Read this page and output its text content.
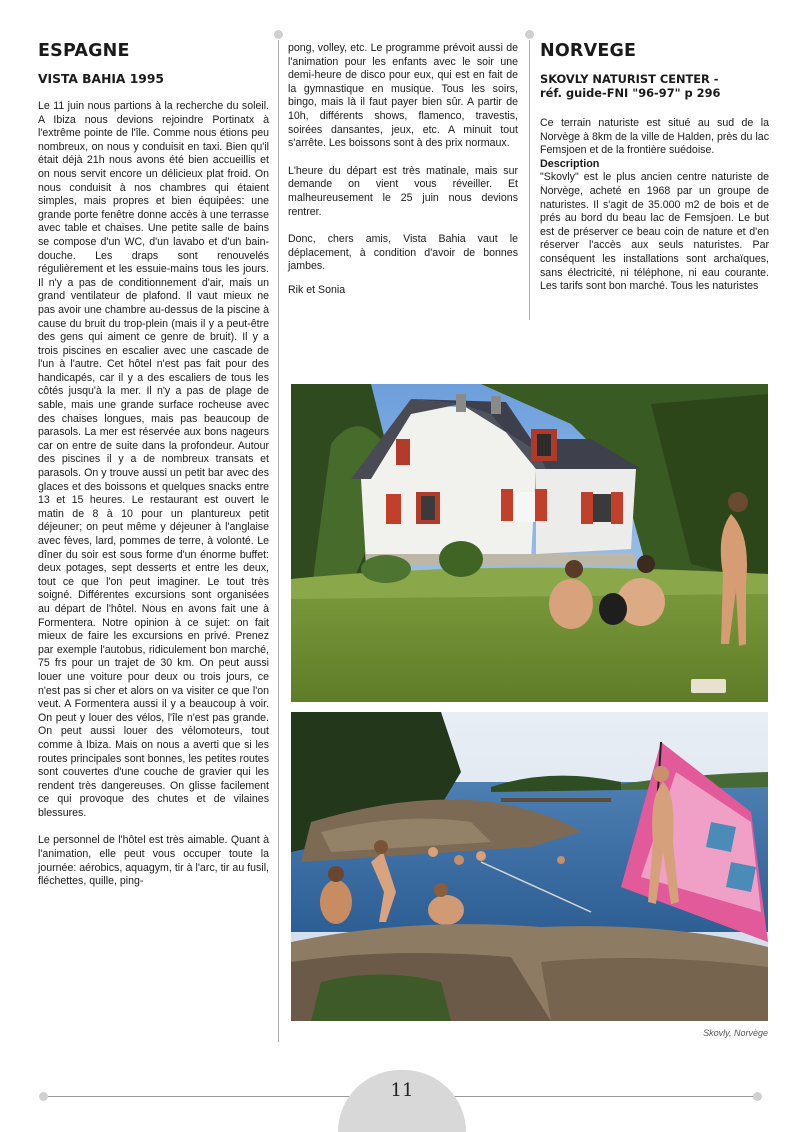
ESPAGNE
VISTA BAHIA 1995

Le 11 juin nous partions à la recherche du soleil. A Ibiza nous devions rejoindre Portinatx à l'extrême pointe de l'île. Comme nous étions peu nombreux, on nous y conduisit en taxi. Bien qu'il était déjà 21h nous avons été bien accueillis et on nous servit encore un délicieux plat froid. On nous conduisit à nos chambres qui étaient simples, mais propres et bien équipées: une grande porte fenêtre donne accès à une terrasse avec table et chaises. Une petite salle de bains se compose d'un WC, d'un lavabo et d'un bain-douche. Les draps sont renouvelés régulièrement et les essuie-mains tous les jours. Il n'y a pas de conditionnement d'air, mais un grand ventilateur de plafond. Il vaut mieux ne pas avoir une chambre au-dessus de la piscine à cause du bruit du trop-plein (mais il y a peut-être des gens qui aiment ce genre de bruit). Il y a trois piscines en escalier avec une cascade de l'un à l'autre. Cet hôtel n'est pas fait pour des handicapés, car il y a des escaliers de tous les côtés jusqu'à la mer. Il n'y a pas de plage de sable, mais une grande surface rocheuse avec des chaises longues, mais pas beaucoup de parasols. La mer est réservée aux bons nageurs car on entre de suite dans la profondeur. Autour des piscines il y a de nombreux transats et parasols. On y trouve aussi un petit bar avec des glaces et des boissons et quelques snacks entre 13 et 15 heures. Le restaurant est ouvert le matin de 8 à 10 pour un plantureux petit déjeuner; on peut même y déjeuner à l'anglaise avec fèves, lard, pommes de terre, à volonté. Le dîner du soir est sous forme d'un énorme buffet: deux potages, sept desserts et entre les deux, tout ce que l'on peut imaginer. Le tout très soigné. Différentes excursions sont organisées au départ de l'hôtel. Nous en avons fait une à Formentera. Notre opinion à ce sujet: on fait mieux de faire les excursions en privé. Prenez par exemple l'autobus, ridiculement bon marché, 75 frs pour un trajet de 30 km. On peut aussi louer une voiture pour deux ou trois jours, ce n'est pas si cher et alors on va visiter ce que l'on veut. A Formentera aussi il y a beaucoup à voir. On peut y louer des vélos, l'île n'est pas grande. On peut aussi louer des vélomoteurs, tout comme à Ibiza. Mais on nous a averti que si les routes principales sont bonnes, les petites routes sont couvertes d'une couche de gravier qui les rendent très dangereuses. On glisse facilement ce qui provoque des chutes et de vilaines blessures.

Le personnel de l'hôtel est très aimable. Quant à l'animation, elle peut vous occuper toute la journée: aérobics, aquagym, tir à l'arc, tir au fusil, fléchettes, quille, ping-

pong, volley, etc. Le programme prévoit aussi de l'animation pour les enfants avec le soir une demi-heure de disco pour eux, qui est en fait de la gymnastique en musique. Tous les soirs, bingo, mais là il faut payer bien sûr. A partir de 10h, différents shows, flamenco, travestis, soirées dansantes, jeux, etc. A minuit tout s'arrête. Les boissons sont à des prix normaux.

L'heure du départ est très matinale, mais sur demande on vient vous réveiller. Et malheureusement le 25 juin nous devions rentrer.

Donc, chers amis, Vista Bahia vaut le déplacement, à condition d'avoir de bonnes jambes.

Rik et Sonia

NORVEGE
SKOVLY NATURIST CENTER -
réf. guide-FNI "96-97" p 296

Ce terrain naturiste est situé au sud de la Norvège à 8km de la ville de Halden, près du lac Femsjoen et de la frontière suédoise.

Description

"Skovly" est le plus ancien centre naturiste de Norvège, acheté en 1968 par un groupe de naturistes. Il s'agit de 35.000 m2 de bois et de prés au bord du beau lac de Femsjoen. Le but est de préserver ce beau coin de nature et d'en réserver l'accès aux seuls naturistes. Par conséquent les installations sont archaïques, sans électricité, ni téléphone, ni eau courante. Les tarifs sont bon marché. Tous les naturistes

Skovly, Norvège
11
